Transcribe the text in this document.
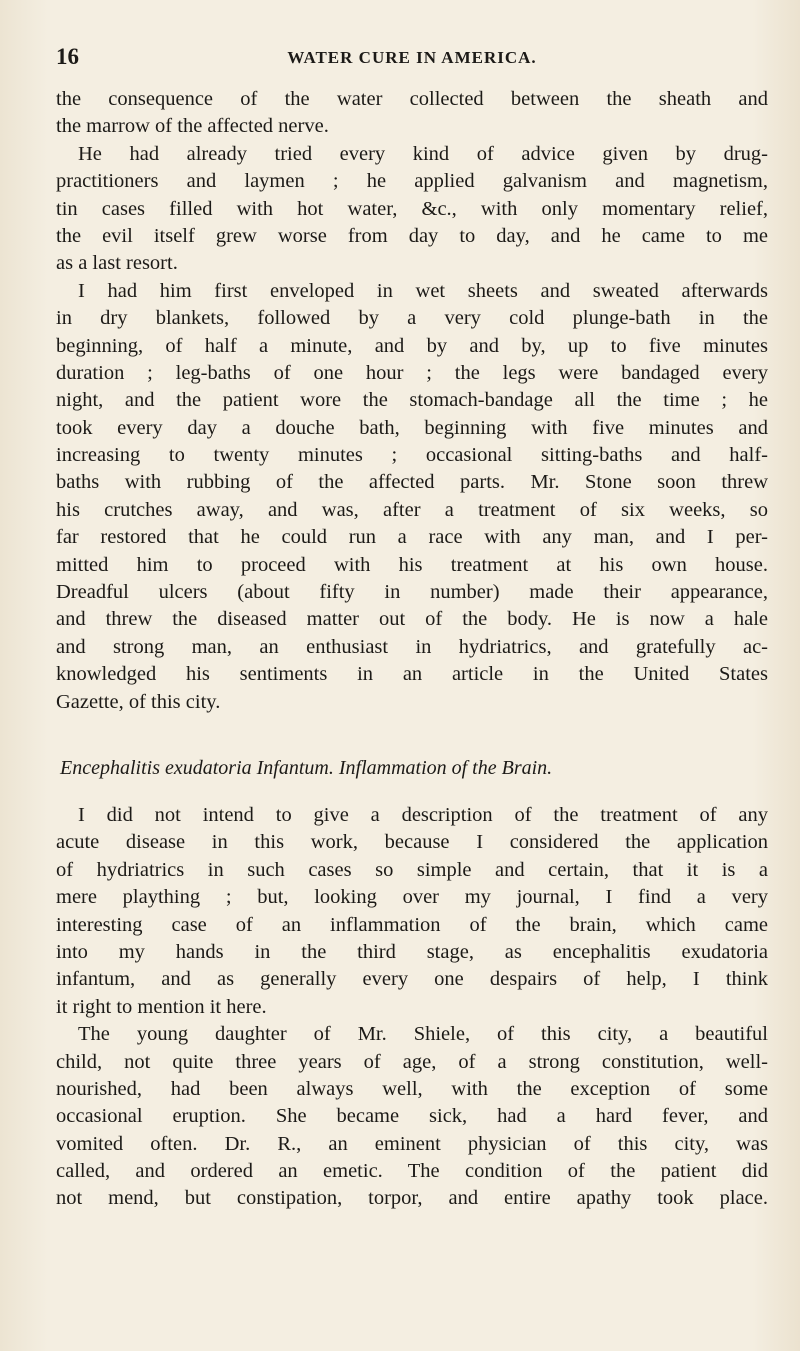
16	WATER CURE IN AMERICA.
the consequence of the water collected between the sheath and
the marrow of the affected nerve.
He had already tried every kind of advice given by drug-
practitioners and laymen ; he applied galvanism and magnetism,
tin cases filled with hot water, &c., with only momentary relief,
the evil itself grew worse from day to day, and he came to me
as a last resort.
I had him first enveloped in wet sheets and sweated afterwards
in dry blankets, followed by a very cold plunge-bath in the
beginning, of half a minute, and by and by, up to five minutes
duration ; leg-baths of one hour ; the legs were bandaged every
night, and the patient wore the stomach-bandage all the time ; he
took every day a douche bath, beginning with five minutes and
increasing to twenty minutes ; occasional sitting-baths and half-
baths with rubbing of the affected parts. Mr. Stone soon threw
his crutches away, and was, after a treatment of six weeks, so
far restored that he could run a race with any man, and I per-
mitted him to proceed with his treatment at his own house.
Dreadful ulcers (about fifty in number) made their appearance,
and threw the diseased matter out of the body. He is now a hale
and strong man, an enthusiast in hydriatrics, and gratefully ac-
knowledged his sentiments in an article in the United States
Gazette, of this city.
Encephalitis exudatoria Infantum. Inflammation of the Brain.
I did not intend to give a description of the treatment of any
acute disease in this work, because I considered the application
of hydriatrics in such cases so simple and certain, that it is a
mere plaything ; but, looking over my journal, I find a very
interesting case of an inflammation of the brain, which came
into my hands in the third stage, as encephalitis exudatoria
infantum, and as generally every one despairs of help, I think
it right to mention it here.
The young daughter of Mr. Shiele, of this city, a beautiful
child, not quite three years of age, of a strong constitution, well-
nourished, had been always well, with the exception of some
occasional eruption. She became sick, had a hard fever, and
vomited often. Dr. R., an eminent physician of this city, was
called, and ordered an emetic. The condition of the patient did
not mend, but constipation, torpor, and entire apathy took place.
